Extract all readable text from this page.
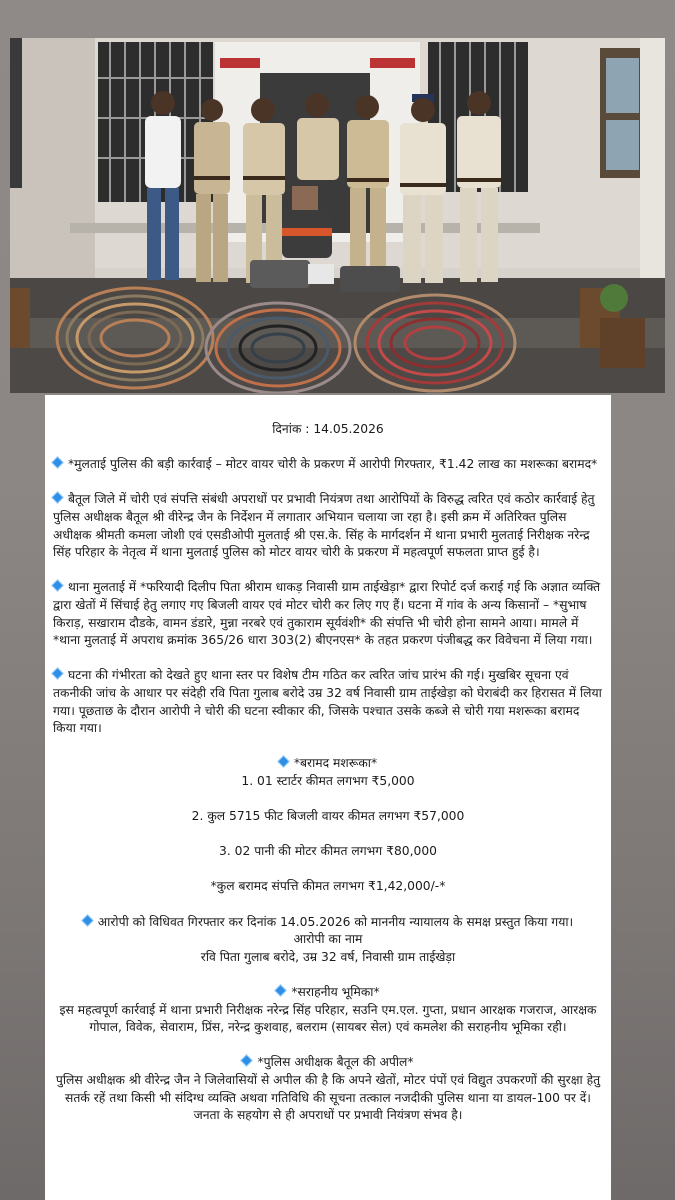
दिनांक : 14.05.2026

*मुलताई पुलिस की बड़ी कार्रवाई – मोटर वायर चोरी के प्रकरण में आरोपी गिरफ्तार, ₹1.42 लाख का मशरूका बरामद*

बैतूल जिले में चोरी एवं संपत्ति संबंधी अपराधों पर प्रभावी नियंत्रण तथा आरोपियों के विरुद्ध त्वरित एवं कठोर कार्रवाई हेतु पुलिस अधीक्षक बैतूल श्री वीरेन्द्र जैन के निर्देशन में लगातार अभियान चलाया जा रहा है। इसी क्रम में अतिरिक्त पुलिस अधीक्षक श्रीमती कमला जोशी एवं एसडीओपी मुलताई श्री एस.के. सिंह के मार्गदर्शन में थाना प्रभारी मुलताई निरीक्षक नरेन्द्र सिंह परिहार के नेतृत्व में थाना मुलताई पुलिस को मोटर वायर चोरी के प्रकरण में महत्वपूर्ण सफलता प्राप्त हुई है।

थाना मुलताई में *फरियादी दिलीप पिता श्रीराम धाकड़ निवासी ग्राम ताईखेड़ा* द्वारा रिपोर्ट दर्ज कराई गई कि अज्ञात व्यक्ति द्वारा खेतों में सिंचाई हेतु लगाए गए बिजली वायर एवं मोटर चोरी कर लिए गए हैं। घटना में गांव के अन्य किसानों – *सुभाष किराड़, सखाराम दौडके, वामन डंडारे, मुन्ना नरबरे एवं तुकाराम सूर्यवंशी* की संपत्ति भी चोरी होना सामने आया। मामले में *थाना मुलताई में अपराध क्रमांक 365/26 धारा 303(2) बीएनएस* के तहत प्रकरण पंजीबद्ध कर विवेचना में लिया गया।

घटना की गंभीरता को देखते हुए थाना स्तर पर विशेष टीम गठित कर त्वरित जांच प्रारंभ की गई। मुखबिर सूचना एवं तकनीकी जांच के आधार पर संदेही रवि पिता गुलाब बरोदे उम्र 32 वर्ष निवासी ग्राम ताईखेड़ा को घेराबंदी कर हिरासत में लिया गया। पूछताछ के दौरान आरोपी ने चोरी की घटना स्वीकार की, जिसके पश्चात उसके कब्जे से चोरी गया मशरूका बरामद किया गया।

*बरामद मशरूका*

1. 01 स्टार्टर कीमत लगभग ₹5,000

2. कुल 5715 फीट बिजली वायर कीमत लगभग ₹57,000

3. 02 पानी की मोटर कीमत लगभग ₹80,000

*कुल बरामद संपत्ति कीमत लगभग ₹1,42,000/-*

आरोपी को विधिवत गिरफ्तार कर दिनांक 14.05.2026 को माननीय न्यायालय के समक्ष प्रस्तुत किया गया।

आरोपी का नाम

रवि पिता गुलाब बरोदे, उम्र 32 वर्ष, निवासी ग्राम ताईखेड़ा

*सराहनीय भूमिका*

इस महत्वपूर्ण कार्रवाई में थाना प्रभारी निरीक्षक नरेन्द्र सिंह परिहार, सउनि एम.एल. गुप्ता, प्रधान आरक्षक गजराज, आरक्षक गोपाल, विवेक, सेवाराम, प्रिंस, नरेन्द्र कुशवाह, बलराम (सायबर सेल) एवं कमलेश की सराहनीय भूमिका रही।

*पुलिस अधीक्षक बैतूल की अपील*

पुलिस अधीक्षक श्री वीरेन्द्र जैन ने जिलेवासियों से अपील की है कि अपने खेतों, मोटर पंपों एवं विद्युत उपकरणों की सुरक्षा हेतु सतर्क रहें तथा किसी भी संदिग्ध व्यक्ति अथवा गतिविधि की सूचना तत्काल नजदीकी पुलिस थाना या डायल-100 पर दें। जनता के सहयोग से ही अपराधों पर प्रभावी नियंत्रण संभव है।
